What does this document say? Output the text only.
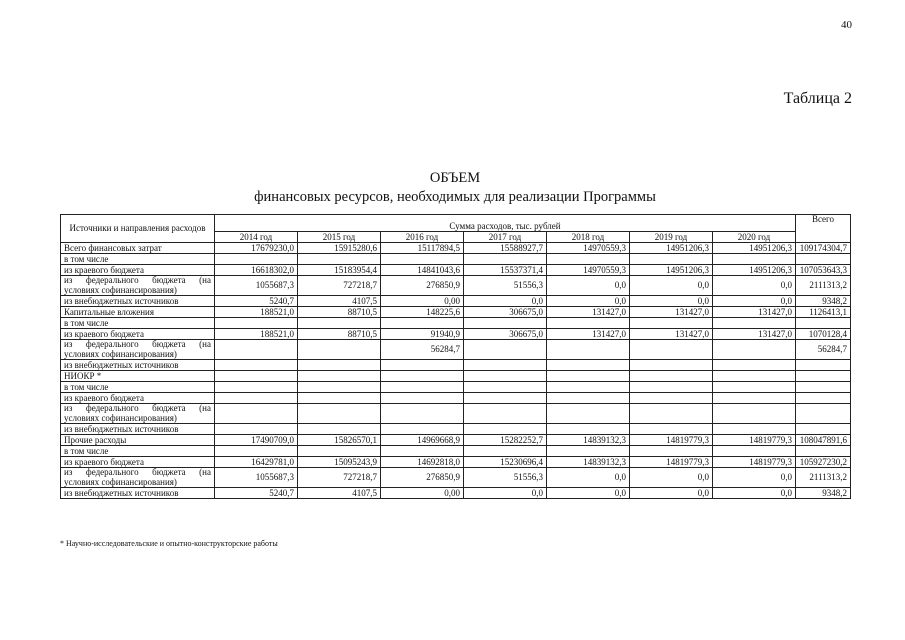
40
Таблица 2
ОБЪЕМ
финансовых ресурсов, необходимых для реализации Программы
Источники и направления расходов	Сумма расходов, тыс. рублей							Всего
	2014 год	2015 год	2016 год	2017 год	2018 год	2019 год	2020 год	
Всего финансовых затрат	17679230,0	15915280,6	15117894,5	15588927,7	14970559,3	14951206,3	14951206,3	109174304,7
в том числе								
из краевого бюджета	16618302,0	15183954,4	14841043,6	15537371,4	14970559,3	14951206,3	14951206,3	107053643,3
из федерального бюджета (на условиях софинансирования)	1055687,3	727218,7	276850,9	51556,3	0,0	0,0	0,0	2111313,2
из внебюджетных источников	5240,7	4107,5	0,00	0,0	0,0	0,0	0,0	9348,2
Капитальные вложения	188521,0	88710,5	148225,6	306675,0	131427,0	131427,0	131427,0	1126413,1
в том числе								
из краевого бюджета	188521,0	88710,5	91940,9	306675,0	131427,0	131427,0	131427,0	1070128,4
из федерального бюджета (на условиях софинансирования)			56284,7					56284,7
из внебюджетных источников								
НИОКР *								
в том числе								
из краевого бюджета								
из федерального бюджета (на условиях софинансирования)								
из внебюджетных источников								
Прочие расходы	17490709,0	15826570,1	14969668,9	15282252,7	14839132,3	14819779,3	14819779,3	108047891,6
в том числе								
из краевого бюджета	16429781,0	15095243,9	14692818,0	15230696,4	14839132,3	14819779,3	14819779,3	105927230,2
из федерального бюджета (на условиях софинансирования)	1055687,3	727218,7	276850,9	51556,3	0,0	0,0	0,0	2111313,2
из внебюджетных источников	5240,7	4107,5	0,00	0,0	0,0	0,0	0,0	9348,2
* Научно-исследовательские и опытно-конструкторские работы
